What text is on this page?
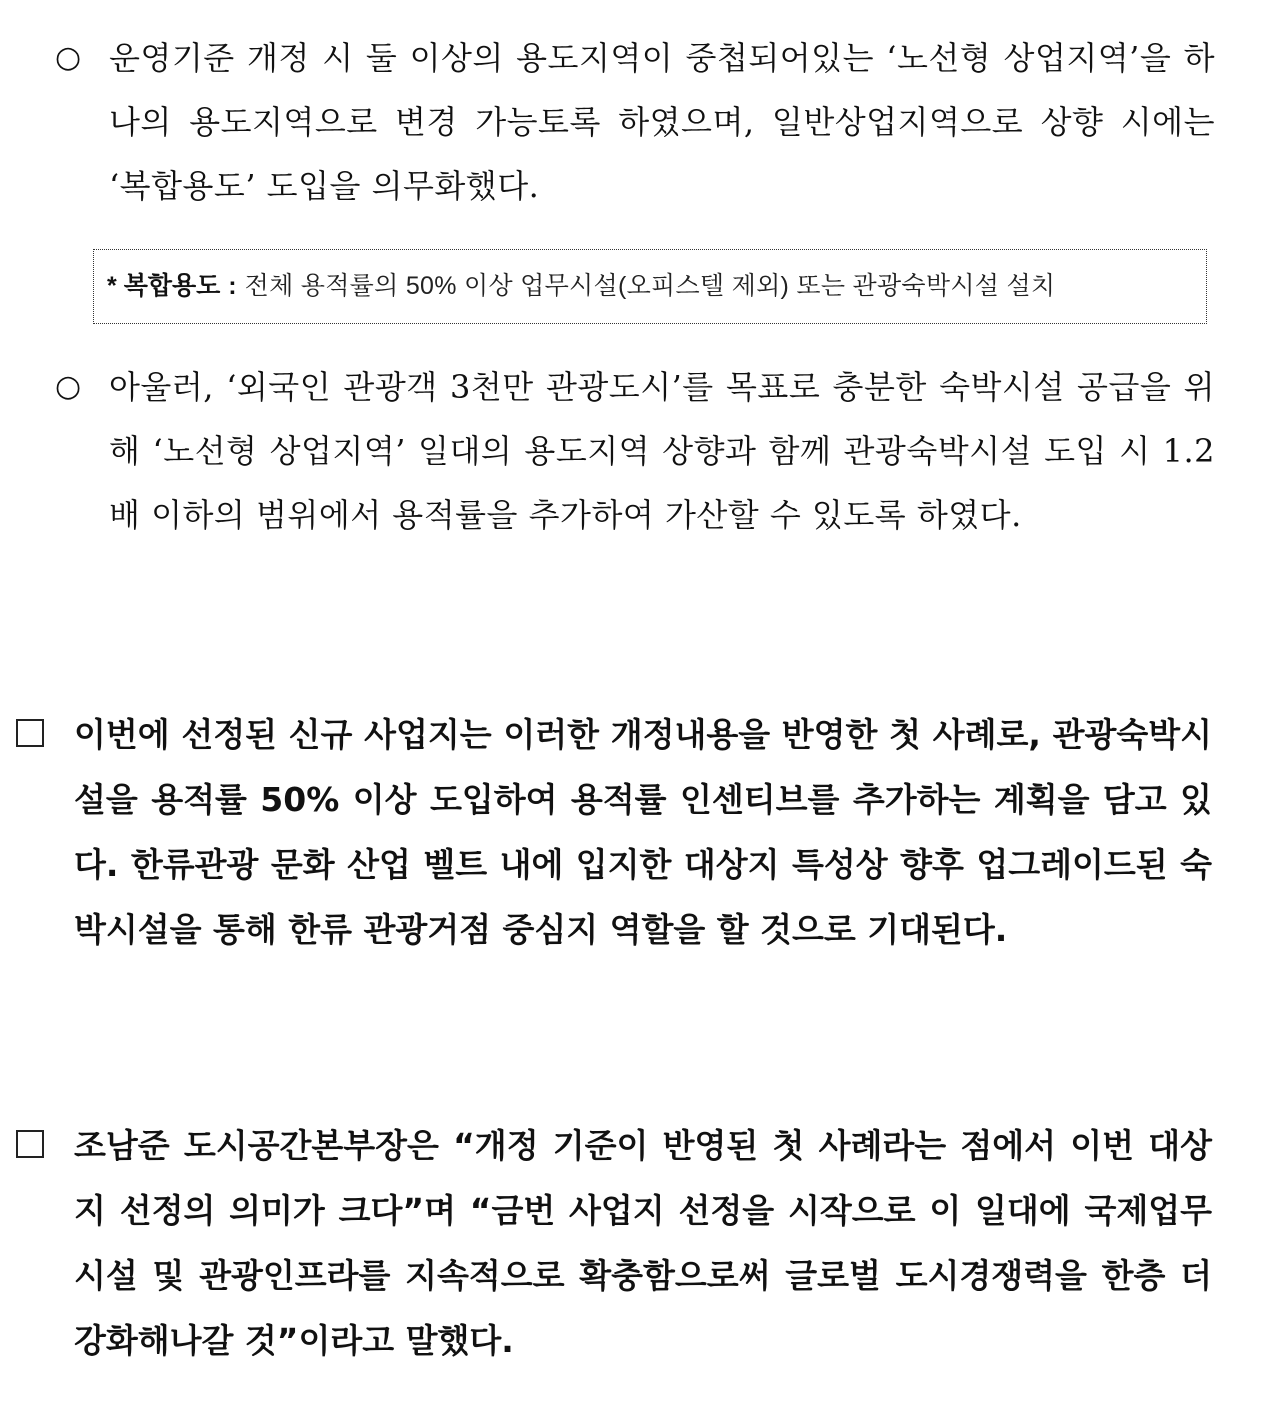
○ 운영기준 개정 시 둘 이상의 용도지역이 중첩되어있는 ‘노선형 상업지역’을 하나의 용도지역으로 변경 가능토록 하였으며, 일반상업지역으로 상향 시에는 ‘복합용도’ 도입을 의무화했다.
* 복합용도 : 전체 용적률의 50% 이상 업무시설(오피스텔 제외) 또는 관광숙박시설 설치
○ 아울러, ‘외국인 관광객 3천만 관광도시’를 목표로 충분한 숙박시설 공급을 위해 ‘노선형 상업지역’ 일대의 용도지역 상향과 함께 관광숙박시설 도입 시 1.2배 이하의 범위에서 용적률을 추가하여 가산할 수 있도록 하였다.
이번에 선정된 신규 사업지는 이러한 개정내용을 반영한 첫 사례로, 관광숙박시설을 용적률 50% 이상 도입하여 용적률 인센티브를 추가하는 계획을 담고 있다. 한류관광 문화 산업 벨트 내에 입지한 대상지 특성상 향후 업그레이드된 숙박시설을 통해 한류 관광거점 중심지 역할을 할 것으로 기대된다.
조남준 도시공간본부장은 “개정 기준이 반영된 첫 사례라는 점에서 이번 대상지 선정의 의미가 크다”며 “금번 사업지 선정을 시작으로 이 일대에 국제업무시설 및 관광인프라를 지속적으로 확충함으로써 글로벌 도시경쟁력을 한층 더 강화해나갈 것”이라고 말했다.
